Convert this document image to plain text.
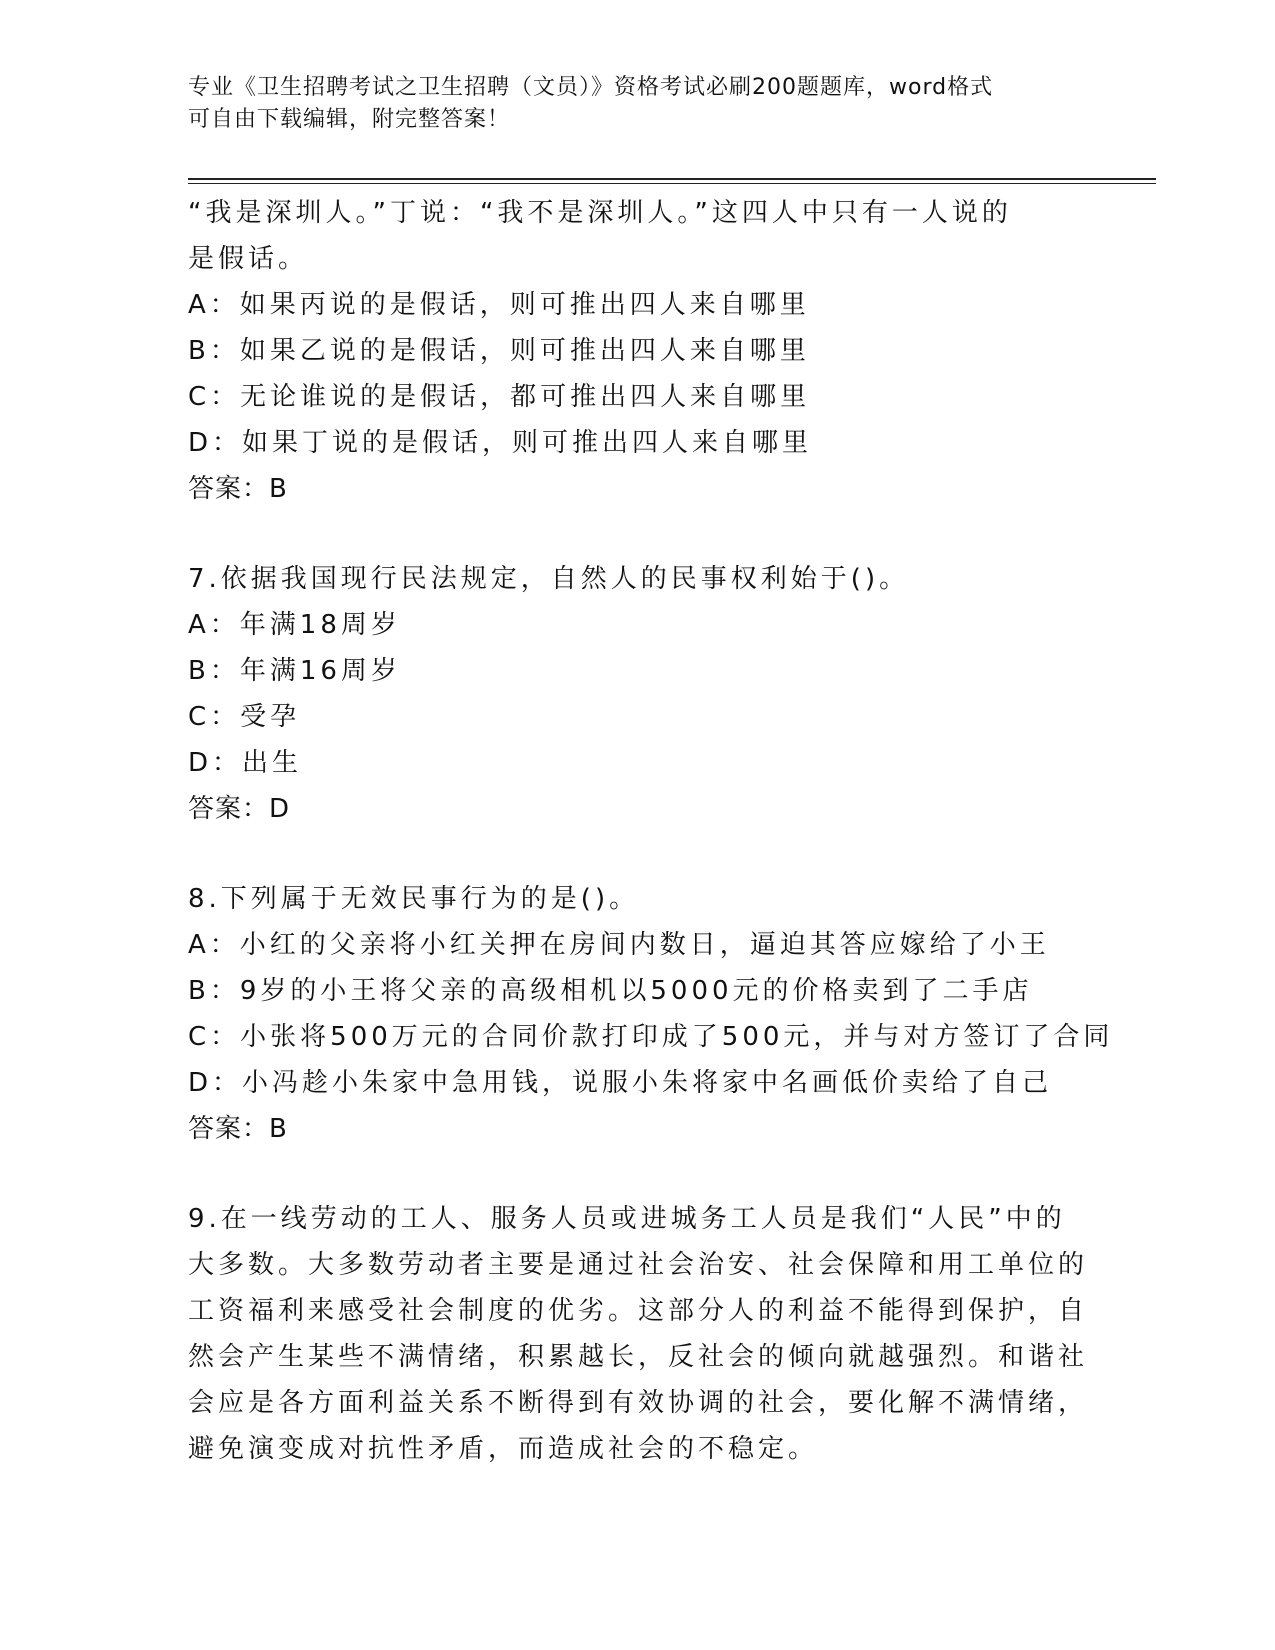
专业《卫生招聘考试之卫生招聘（文员）》资格考试必刷200题题库，word格式
可自由下载编辑，附完整答案！
“我是深圳人。”丁说：“我不是深圳人。”这四人中只有一人说的
是假话。
A：如果丙说的是假话，则可推出四人来自哪里
B：如果乙说的是假话，则可推出四人来自哪里
C：无论谁说的是假话，都可推出四人来自哪里
D：如果丁说的是假话，则可推出四人来自哪里
答案：B
7.依据我国现行民法规定，自然人的民事权利始于()。
A：年满18周岁
B：年满16周岁
C：受孕
D：出生
答案：D
8.下列属于无效民事行为的是()。
A：小红的父亲将小红关押在房间内数日，逼迫其答应嫁给了小王
B：9岁的小王将父亲的高级相机以5000元的价格卖到了二手店
C：小张将500万元的合同价款打印成了500元，并与对方签订了合同
D：小冯趁小朱家中急用钱，说服小朱将家中名画低价卖给了自己
答案：B
9.在一线劳动的工人、服务人员或进城务工人员是我们“人民”中的
大多数。大多数劳动者主要是通过社会治安、社会保障和用工单位的
工资福利来感受社会制度的优劣。这部分人的利益不能得到保护，自
然会产生某些不满情绪，积累越长，反社会的倾向就越强烈。和谐社
会应是各方面利益关系不断得到有效协调的社会，要化解不满情绪，
避免演变成对抗性矛盾，而造成社会的不稳定。
